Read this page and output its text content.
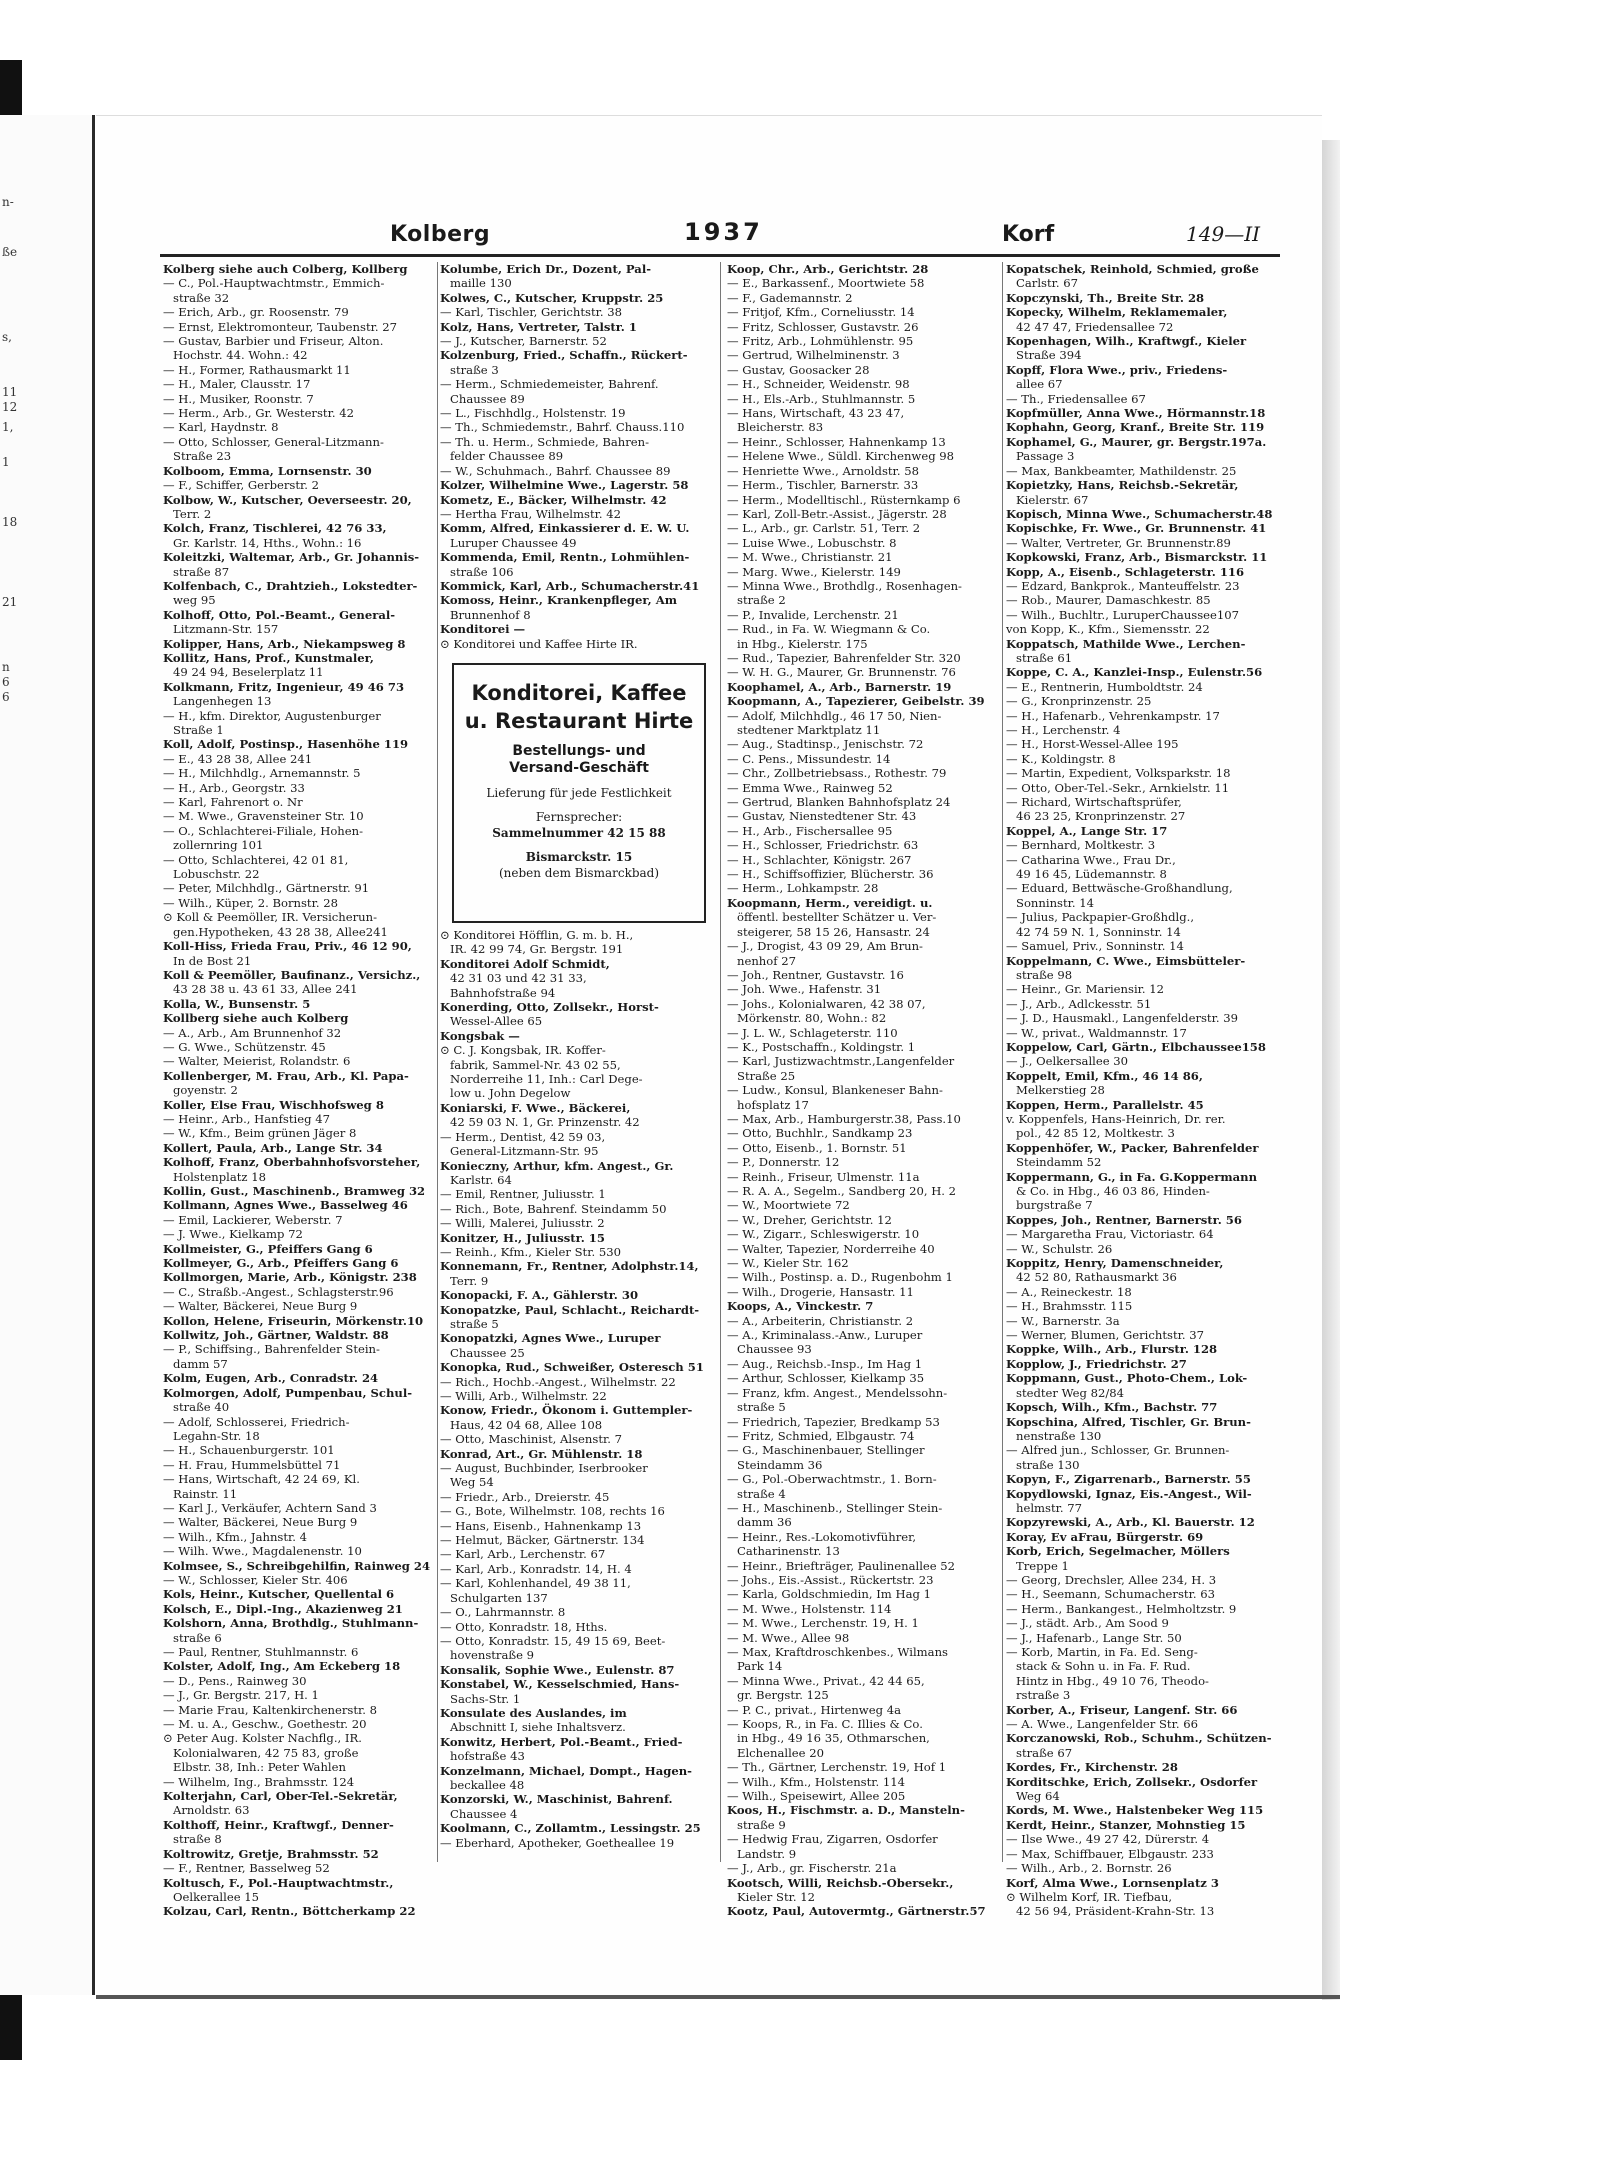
n-
ße
s,
11
12
1,
1
18
21
n
6
6
Kolberg	1937	Korf	149—II
Kolberg siehe auch Colberg, Kollberg
— C., Pol.-Hauptwachtmstr., Emmich-
straße 32
— Erich, Arb., gr. Roosenstr. 79
— Ernst, Elektromonteur, Taubenstr. 27
— Gustav, Barbier und Friseur, Alton.
Hochstr. 44. Wohn.: 42
— H., Former, Rathausmarkt 11
— H., Maler, Clausstr. 17
— H., Musiker, Roonstr. 7
— Herm., Arb., Gr. Westerstr. 42
— Karl, Haydnstr. 8
— Otto, Schlosser, General-Litzmann-
Straße 23
Kolboom, Emma, Lornsenstr. 30
— F., Schiffer, Gerberstr. 2
Kolbow, W., Kutscher, Oeverseestr. 20,
Terr. 2
Kolch, Franz, Tischlerei, 42 76 33,
Gr. Karlstr. 14, Hths., Wohn.: 16
Koleitzki, Waltemar, Arb., Gr. Johannis-
straße 87
Kolfenbach, C., Drahtzieh., Lokstedter-
weg 95
Kolhoff, Otto, Pol.-Beamt., General-
Litzmann-Str. 157
Kolipper, Hans, Arb., Niekampsweg 8
Kollitz, Hans, Prof., Kunstmaler,
49 24 94, Beselerplatz 11
Kolkmann, Fritz, Ingenieur, 49 46 73
Langenhegen 13
— H., kfm. Direktor, Augustenburger
Straße 1
Koll, Adolf, Postinsp., Hasenhöhe 119
— E., 43 28 38, Allee 241
— H., Milchhdlg., Arnemannstr. 5
— H., Arb., Georgstr. 33
— Karl, Fahrenort o. Nr
— M. Wwe., Gravensteiner Str. 10
— O., Schlachterei-Filiale, Hohen-
zollernring 101
— Otto, Schlachterei, 42 01 81,
Lobuschstr. 22
— Peter, Milchhdlg., Gärtnerstr. 91
— Wilh., Küper, 2. Bornstr. 28
⊙ Koll & Peemöller, IR. Versicherun-
gen.Hypotheken, 43 28 38, Allee241
Koll-Hiss, Frieda Frau, Priv., 46 12 90,
In de Bost 21
Koll & Peemöller, Baufinanz., Versichz.,
43 28 38 u. 43 61 33, Allee 241
Kolla, W., Bunsenstr. 5
Kollberg siehe auch Kolberg
— A., Arb., Am Brunnenhof 32
— G. Wwe., Schützenstr. 45
— Walter, Meierist, Rolandstr. 6
Kollenberger, M. Frau, Arb., Kl. Papa-
goyenstr. 2
Koller, Else Frau, Wischhofsweg 8
— Heinr., Arb., Hanfstieg 47
— W., Kfm., Beim grünen Jäger 8
Kollert, Paula, Arb., Lange Str. 34
Kolhoff, Franz, Oberbahnhofsvorsteher,
Holstenplatz 18
Kollin, Gust., Maschinenb., Bramweg 32
Kollmann, Agnes Wwe., Basselweg 46
— Emil, Lackierer, Weberstr. 7
— J. Wwe., Kielkamp 72
Kollmeister, G., Pfeiffers Gang 6
Kollmeyer, G., Arb., Pfeiffers Gang 6
Kollmorgen, Marie, Arb., Königstr. 238
— C., Straßb.-Angest., Schlagsterstr.96
— Walter, Bäckerei, Neue Burg 9
Kollon, Helene, Friseurin, Mörkenstr.10
Kollwitz, Joh., Gärtner, Waldstr. 88
— P., Schiffsing., Bahrenfelder Stein-
damm 57
Kolm, Eugen, Arb., Conradstr. 24
Kolmorgen, Adolf, Pumpenbau, Schul-
straße 40
— Adolf, Schlosserei, Friedrich-
Legahn-Str. 18
— H., Schauenburgerstr. 101
— H. Frau, Hummelsbüttel 71
— Hans, Wirtschaft, 42 24 69, Kl.
Rainstr. 11
— Karl J., Verkäufer, Achtern Sand 3
— Walter, Bäckerei, Neue Burg 9
— Wilh., Kfm., Jahnstr. 4
— Wilh. Wwe., Magdalenenstr. 10
Kolmsee, S., Schreibgehilfin, Rainweg 24
— W., Schlosser, Kieler Str. 406
Kols, Heinr., Kutscher, Quellental 6
Kolsch, E., Dipl.-Ing., Akazienweg 21
Kolshorn, Anna, Brothdlg., Stuhlmann-
straße 6
— Paul, Rentner, Stuhlmannstr. 6
Kolster, Adolf, Ing., Am Eckeberg 18
— D., Pens., Rainweg 30
— J., Gr. Bergstr. 217, H. 1
— Marie Frau, Kaltenkirchenerstr. 8
— M. u. A., Geschw., Goethestr. 20
⊙ Peter Aug. Kolster Nachflg., IR.
Kolonialwaren, 42 75 83, große
Elbstr. 38, Inh.: Peter Wahlen
— Wilhelm, Ing., Brahmsstr. 124
Kolterjahn, Carl, Ober-Tel.-Sekretär,
Arnoldstr. 63
Kolthoff, Heinr., Kraftwgf., Denner-
straße 8
Koltrowitz, Gretje, Brahmsstr. 52
— F., Rentner, Basselweg 52
Koltusch, F., Pol.-Hauptwachtmstr.,
Oelkerallee 15
Kolzau, Carl, Rentn., Böttcherkamp 22
Kolumbe, Erich Dr., Dozent, Pal-
maille 130
Kolwes, C., Kutscher, Kruppstr. 25
— Karl, Tischler, Gerichtstr. 38
Kolz, Hans, Vertreter, Talstr. 1
— J., Kutscher, Barnerstr. 52
Kolzenburg, Fried., Schaffn., Rückert-
straße 3
— Herm., Schmiedemeister, Bahrenf.
Chaussee 89
— L., Fischhdlg., Holstenstr. 19
— Th., Schmiedemstr., Bahrf. Chauss.110
— Th. u. Herm., Schmiede, Bahren-
felder Chaussee 89
— W., Schuhmach., Bahrf. Chaussee 89
Kolzer, Wilhelmine Wwe., Lagerstr. 58
Kometz, E., Bäcker, Wilhelmstr. 42
— Hertha Frau, Wilhelmstr. 42
Komm, Alfred, Einkassierer d. E. W. U.
Luruper Chaussee 49
Kommenda, Emil, Rentn., Lohmühlen-
straße 106
Kommick, Karl, Arb., Schumacherstr.41
Komoss, Heinr., Krankenpfleger, Am
Brunnenhof 8
Konditorei —
⊙ Konditorei und Kaffee Hirte IR.
⊙ Konditorei Höfflin, G. m. b. H.,
IR. 42 99 74, Gr. Bergstr. 191
Konditorei Adolf Schmidt,
42 31 03 und 42 31 33,
Bahnhofstraße 94
Konerding, Otto, Zollsekr., Horst-
Wessel-Allee 65
Kongsbak —
⊙ C. J. Kongsbak, IR. Koffer-
fabrik, Sammel-Nr. 43 02 55,
Norderreihe 11, Inh.: Carl Dege-
low u. John Degelow
Koniarski, F. Wwe., Bäckerei,
42 59 03 N. 1, Gr. Prinzenstr. 42
— Herm., Dentist, 42 59 03,
General-Litzmann-Str. 95
Konieczny, Arthur, kfm. Angest., Gr.
Karlstr. 64
— Emil, Rentner, Juliusstr. 1
— Rich., Bote, Bahrenf. Steindamm 50
— Willi, Malerei, Juliusstr. 2
Konitzer, H., Juliusstr. 15
— Reinh., Kfm., Kieler Str. 530
Konnemann, Fr., Rentner, Adolphstr.14,
Terr. 9
Konopacki, F. A., Gählerstr. 30
Konopatzke, Paul, Schlacht., Reichardt-
straße 5
Konopatzki, Agnes Wwe., Luruper
Chaussee 25
Konopka, Rud., Schweißer, Osteresch 51
— Rich., Hochb.-Angest., Wilhelmstr. 22
— Willi, Arb., Wilhelmstr. 22
Konow, Friedr., Ökonom i. Guttempler-
Haus, 42 04 68, Allee 108
— Otto, Maschinist, Alsenstr. 7
Konrad, Art., Gr. Mühlenstr. 18
— August, Buchbinder, Iserbrooker
Weg 54
— Friedr., Arb., Dreierstr. 45
— G., Bote, Wilhelmstr. 108, rechts 16
— Hans, Eisenb., Hahnenkamp 13
— Helmut, Bäcker, Gärtnerstr. 134
— Karl, Arb., Lerchenstr. 67
— Karl, Arb., Konradstr. 14, H. 4
— Karl, Kohlenhandel, 49 38 11,
Schulgarten 137
— O., Lahrmannstr. 8
— Otto, Konradstr. 18, Hths.
— Otto, Konradstr. 15, 49 15 69, Beet-
hovenstraße 9
Konsalik, Sophie Wwe., Eulenstr. 87
Konstabel, W., Kesselschmied, Hans-
Sachs-Str. 1
Konsulate des Auslandes, im
Abschnitt I, siehe Inhaltsverz.
Konwitz, Herbert, Pol.-Beamt., Fried-
hofstraße 43
Konzelmann, Michael, Dompt., Hagen-
beckallee 48
Konzorski, W., Maschinist, Bahrenf.
Chaussee 4
Koolmann, C., Zollamtm., Lessingstr. 25
— Eberhard, Apotheker, Goetheallee 19
Koop, Chr., Arb., Gerichtstr. 28
— E., Barkassenf., Moortwiete 58
— F., Gademannstr. 2
— Fritjof, Kfm., Corneliusstr. 14
— Fritz, Schlosser, Gustavstr. 26
— Fritz, Arb., Lohmühlenstr. 95
— Gertrud, Wilhelminenstr. 3
— Gustav, Goosacker 28
— H., Schneider, Weidenstr. 98
— H., Els.-Arb., Stuhlmannstr. 5
— Hans, Wirtschaft, 43 23 47,
Bleicherstr. 83
— Heinr., Schlosser, Hahnenkamp 13
— Helene Wwe., Süldl. Kirchenweg 98
— Henriette Wwe., Arnoldstr. 58
— Herm., Tischler, Barnerstr. 33
— Herm., Modelltischl., Rüsternkamp 6
— Karl, Zoll-Betr.-Assist., Jägerstr. 28
— L., Arb., gr. Carlstr. 51, Terr. 2
— Luise Wwe., Lobuschstr. 8
— M. Wwe., Christianstr. 21
— Marg. Wwe., Kielerstr. 149
— Minna Wwe., Brothdlg., Rosenhagen-
straße 2
— P., Invalide, Lerchenstr. 21
— Rud., in Fa. W. Wiegmann & Co.
in Hbg., Kielerstr. 175
— Rud., Tapezier, Bahrenfelder Str. 320
— W. H. G., Maurer, Gr. Brunnenstr. 76
Koophamel, A., Arb., Barnerstr. 19
Koopmann, A., Tapezierer, Geibelstr. 39
— Adolf, Milchhdlg., 46 17 50, Nien-
stedtener Marktplatz 11
— Aug., Stadtinsp., Jenischstr. 72
— C. Pens., Missundestr. 14
— Chr., Zollbetriebsass., Rothestr. 79
— Emma Wwe., Rainweg 52
— Gertrud, Blanken Bahnhofsplatz 24
— Gustav, Nienstedtener Str. 43
— H., Arb., Fischersallee 95
— H., Schlosser, Friedrichstr. 63
— H., Schlachter, Königstr. 267
— H., Schiffsoffizier, Blücherstr. 36
— Herm., Lohkampstr. 28
Koopmann, Herm., vereidigt. u.
öffentl. bestellter Schätzer u. Ver-
steigerer, 58 15 26, Hansastr. 24
— J., Drogist, 43 09 29, Am Brun-
nenhof 27
— Joh., Rentner, Gustavstr. 16
— Joh. Wwe., Hafenstr. 31
— Johs., Kolonialwaren, 42 38 07,
Mörkenstr. 80, Wohn.: 82
— J. L. W., Schlageterstr. 110
— K., Postschaffn., Koldingstr. 1
— Karl, Justizwachtmstr.,Langenfelder
Straße 25
— Ludw., Konsul, Blankeneser Bahn-
hofsplatz 17
— Max, Arb., Hamburgerstr.38, Pass.10
— Otto, Buchhlr., Sandkamp 23
— Otto, Eisenb., 1. Bornstr. 51
— P., Donnerstr. 12
— Reinh., Friseur, Ulmenstr. 11a
— R. A. A., Segelm., Sandberg 20, H. 2
— W., Moortwiete 72
— W., Dreher, Gerichtstr. 12
— W., Zigarr., Schleswigerstr. 10
— Walter, Tapezier, Norderreihe 40
— W., Kieler Str. 162
— Wilh., Postinsp. a. D., Rugenbohm 1
— Wilh., Drogerie, Hansastr. 11
Koops, A., Vinckestr. 7
— A., Arbeiterin, Christianstr. 2
— A., Kriminalass.-Anw., Luruper
Chaussee 93
— Aug., Reichsb.-Insp., Im Hag 1
— Arthur, Schlosser, Kielkamp 35
— Franz, kfm. Angest., Mendelssohn-
straße 5
— Friedrich, Tapezier, Bredkamp 53
— Fritz, Schmied, Elbgaustr. 74
— G., Maschinenbauer, Stellinger
Steindamm 36
— G., Pol.-Oberwachtmstr., 1. Born-
straße 4
— H., Maschinenb., Stellinger Stein-
damm 36
— Heinr., Res.-Lokomotivführer,
Catharinenstr. 13
— Heinr., Briefträger, Paulinenallee 52
— Johs., Eis.-Assist., Rückertstr. 23
— Karla, Goldschmiedin, Im Hag 1
— M. Wwe., Holstenstr. 114
— M. Wwe., Lerchenstr. 19, H. 1
— M. Wwe., Allee 98
— Max, Kraftdroschkenbes., Wilmans
Park 14
— Minna Wwe., Privat., 42 44 65,
gr. Bergstr. 125
— P. C., privat., Hirtenweg 4a
— Koops, R., in Fa. C. Illies & Co.
in Hbg., 49 16 35, Othmarschen,
Elchenallee 20
— Th., Gärtner, Lerchenstr. 19, Hof 1
— Wilh., Kfm., Holstenstr. 114
— Wilh., Speisewirt, Allee 205
Koos, H., Fischmstr. a. D., Mansteln-
straße 9
— Hedwig Frau, Zigarren, Osdorfer
Landstr. 9
— J., Arb., gr. Fischerstr. 21a
Kootsch, Willi, Reichsb.-Obersekr.,
Kieler Str. 12
Kootz, Paul, Autovermtg., Gärtnerstr.57
Kopatschek, Reinhold, Schmied, große
Carlstr. 67
Kopczynski, Th., Breite Str. 28
Kopecky, Wilhelm, Reklamemaler,
42 47 47, Friedensallee 72
Kopenhagen, Wilh., Kraftwgf., Kieler
Straße 394
Kopff, Flora Wwe., priv., Friedens-
allee 67
— Th., Friedensallee 67
Kopfmüller, Anna Wwe., Hörmannstr.18
Kophahn, Georg, Kranf., Breite Str. 119
Kophamel, G., Maurer, gr. Bergstr.197a.
Passage 3
— Max, Bankbeamter, Mathildenstr. 25
Kopietzky, Hans, Reichsb.-Sekretär,
Kielerstr. 67
Kopisch, Minna Wwe., Schumacherstr.48
Kopischke, Fr. Wwe., Gr. Brunnenstr. 41
— Walter, Vertreter, Gr. Brunnenstr.89
Kopkowski, Franz, Arb., Bismarckstr. 11
Kopp, A., Eisenb., Schlageterstr. 116
— Edzard, Bankprok., Manteuffelstr. 23
— Rob., Maurer, Damaschkestr. 85
— Wilh., Buchltr., LuruperChaussee107
von Kopp, K., Kfm., Siemensstr. 22
Koppatsch, Mathilde Wwe., Lerchen-
straße 61
Koppe, C. A., Kanzlei-Insp., Eulenstr.56
— E., Rentnerin, Humboldtstr. 24
— G., Kronprinzenstr. 25
— H., Hafenarb., Vehrenkampstr. 17
— H., Lerchenstr. 4
— H., Horst-Wessel-Allee 195
— K., Koldingstr. 8
— Martin, Expedient, Volksparkstr. 18
— Otto, Ober-Tel.-Sekr., Arnkielstr. 11
— Richard, Wirtschaftsprüfer,
46 23 25, Kronprinzenstr. 27
Koppel, A., Lange Str. 17
— Bernhard, Moltkestr. 3
— Catharina Wwe., Frau Dr.,
49 16 45, Lüdemannstr. 8
— Eduard, Bettwäsche-Großhandlung,
Sonninstr. 14
— Julius, Packpapier-Großhdlg.,
42 74 59 N. 1, Sonninstr. 14
— Samuel, Priv., Sonninstr. 14
Koppelmann, C. Wwe., Eimsbütteler-
straße 98
— Heinr., Gr. Mariensir. 12
— J., Arb., Adlckesstr. 51
— J. D., Hausmakl., Langenfelderstr. 39
— W., privat., Waldmannstr. 17
Koppelow, Carl, Gärtn., Elbchaussee158
— J., Oelkersallee 30
Koppelt, Emil, Kfm., 46 14 86,
Melkerstieg 28
Koppen, Herm., Parallelstr. 45
v. Koppenfels, Hans-Heinrich, Dr. rer.
pol., 42 85 12, Moltkestr. 3
Koppenhöfer, W., Packer, Bahrenfelder
Steindamm 52
Koppermann, G., in Fa. G.Koppermann
& Co. in Hbg., 46 03 86, Hinden-
burgstraße 7
Koppes, Joh., Rentner, Barnerstr. 56
— Margaretha Frau, Victoriastr. 64
— W., Schulstr. 26
Koppitz, Henry, Damenschneider,
42 52 80, Rathausmarkt 36
— A., Reineckestr. 18
— H., Brahmsstr. 115
— W., Barnerstr. 3a
— Werner, Blumen, Gerichtstr. 37
Koppke, Wilh., Arb., Flurstr. 128
Kopplow, J., Friedrichstr. 27
Koppmann, Gust., Photo-Chem., Lok-
stedter Weg 82/84
Kopsch, Wilh., Kfm., Bachstr. 77
Kopschina, Alfred, Tischler, Gr. Brun-
nenstraße 130
— Alfred jun., Schlosser, Gr. Brunnen-
straße 130
Kopyn, F., Zigarrenarb., Barnerstr. 55
Kopydlowski, Ignaz, Eis.-Angest., Wil-
helmstr. 77
Kopzyrewski, A., Arb., Kl. Bauerstr. 12
Koray, Ev aFrau, Bürgerstr. 69
Korb, Erich, Segelmacher, Möllers
Treppe 1
— Georg, Drechsler, Allee 234, H. 3
— H., Seemann, Schumacherstr. 63
— Herm., Bankangest., Helmholtzstr. 9
— J., städt. Arb., Am Sood 9
— J., Hafenarb., Lange Str. 50
— Korb, Martin, in Fa. Ed. Seng-
stack & Sohn u. in Fa. F. Rud.
Hintz in Hbg., 49 10 76, Theodo-
rstraße 3
Korber, A., Friseur, Langenf. Str. 66
— A. Wwe., Langenfelder Str. 66
Korczanowski, Rob., Schuhm., Schützen-
straße 67
Kordes, Fr., Kirchenstr. 28
Korditschke, Erich, Zollsekr., Osdorfer
Weg 64
Kords, M. Wwe., Halstenbeker Weg 115
Kerdt, Heinr., Stanzer, Mohnstieg 15
— Ilse Wwe., 49 27 42, Dürerstr. 4
— Max, Schiffbauer, Elbgaustr. 233
— Wilh., Arb., 2. Bornstr. 26
Korf, Alma Wwe., Lornsenplatz 3
⊙ Wilhelm Korf, IR. Tiefbau,
42 56 94, Präsident-Krahn-Str. 13
Konditorei, Kaffee
u. Restaurant Hirte
Bestellungs- und
Versand-Geschäft
Lieferung für jede Festlichkeit
Fernsprecher:
Sammelnummer 42 15 88
Bismarckstr. 15
(neben dem Bismarckbad)
